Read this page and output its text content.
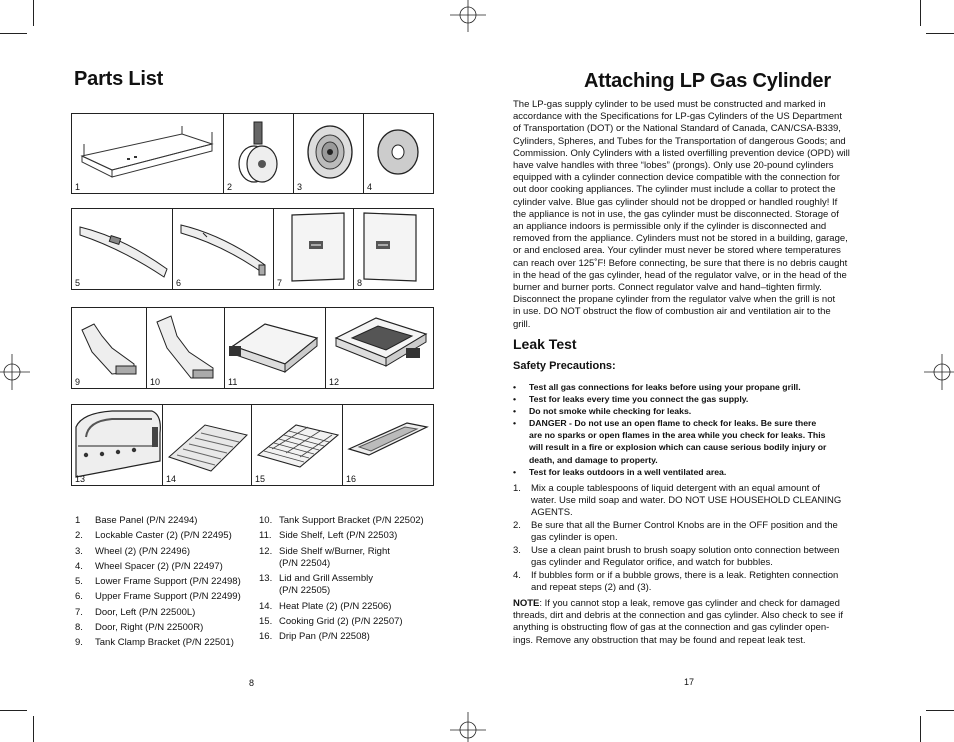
Parts List
1	2	3	4
5	6	7	8
9	10	11	12
13	14	15	16
1	Base Panel (P/N 22494)
2.	Lockable Caster (2) (P/N 22495)
3.	Wheel (2) (P/N 22496)
4.	Wheel Spacer (2) (P/N 22497)
5.	Lower Frame Support (P/N 22498)
6.	Upper Frame Support (P/N 22499)
7.	Door, Left (P/N 22500L)
8.	Door, Right (P/N 22500R)
9.	Tank Clamp Bracket (P/N 22501)
10. Tank Support Bracket (P/N 22502)
11. Side Shelf, Left (P/N 22503)
12. Side Shelf w/Burner, Right
(P/N 22504)
13. Lid and Grill Assembly
(P/N 22505)
14. Heat Plate (2) (P/N 22506)
15. Cooking Grid (2) (P/N 22507)
16. Drip Pan (P/N 22508)
8
Attaching LP Gas Cylinder
The LP-gas supply cylinder to be used must be constructed and marked in
accordance with the Specifications for LP-gas Cylinders of the US Department
of Transportation (DOT) or the National Standard of Canada, CAN/CSA-B339,
Cylinders, Spheres, and Tubes for the Transportation of dangerous Goods; and
Commission. Only Cylinders with a listed overfilling prevention device (OPD) will
have valve handles with three “lobes” (prongs). Only use 20-pound cylinders
equipped with a cylinder connection device compatible with the connection for
out door cooking appliances. The cylinder must include a collar to protect the
cylinder valve. Blue gas cylinder should not be dropped or handled roughly! If
the appliance is not in use, the gas cylinder must be disconnected. Storage of
an appliance indoors is permissible only if the cylinder is disconnected and
removed from the appliance. Cylinders must not be stored in a building, garage,
or and enclosed area. Your cylinder must never be stored where temperatures
can reach over 125˚F! Before connecting, be sure that there is no debris caught
in the head of the gas cylinder, head of the regulator valve, or in the head of the
burner and burner ports. Connect regulator valve and hand–tighten firmly.
Disconnect the propane cylinder from the regulator valve when the grill is not
in use. DO NOT obstruct the flow of combustion air and ventilation air to the
grill.
Leak Test
Safety Precautions:
•	Test all gas connections for leaks before using your propane grill.
•	Test for leaks every time you connect the gas supply.
•	Do not smoke while checking for leaks.
•	DANGER - Do not use an open flame to check for leaks. Be sure there
are no sparks or open flames in the area while you check for leaks. This
will result in a fire or explosion which can cause serious bodily injury or
death, and damage to property.
•	Test for leaks outdoors in a well ventilated area.
1.	Mix a couple tablespoons of liquid detergent with an equal amount of
water. Use mild soap and water. DO NOT USE HOUSEHOLD CLEANING
AGENTS.
2.	Be sure that all the Burner Control Knobs are in the OFF position and the
gas cylinder is open.
3.	Use a clean paint brush to brush soapy solution onto connection between
gas cylinder and Regulator orifice, and watch for bubbles.
4.	If bubbles form or if a bubble grows, there is a leak. Retighten connection
and repeat steps (2) and (3).
NOTE: If you cannot stop a leak, remove gas cylinder and check for damaged
threads, dirt and debris at the connection and gas cylinder. Also check to see if
anything is obstructing flow of gas at the connection and gas cylinder open-
ings. Remove any obstruction that may be found and repeat leak test.
17
